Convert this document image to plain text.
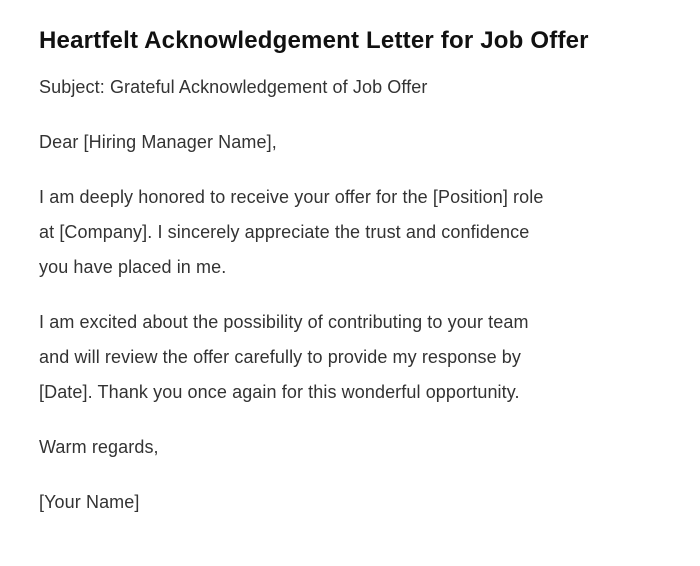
Heartfelt Acknowledgement Letter for Job Offer
Subject: Grateful Acknowledgement of Job Offer
Dear [Hiring Manager Name],
I am deeply honored to receive your offer for the [Position] role
at [Company]. I sincerely appreciate the trust and confidence
you have placed in me.
I am excited about the possibility of contributing to your team
and will review the offer carefully to provide my response by
[Date]. Thank you once again for this wonderful opportunity.
Warm regards,
[Your Name]
